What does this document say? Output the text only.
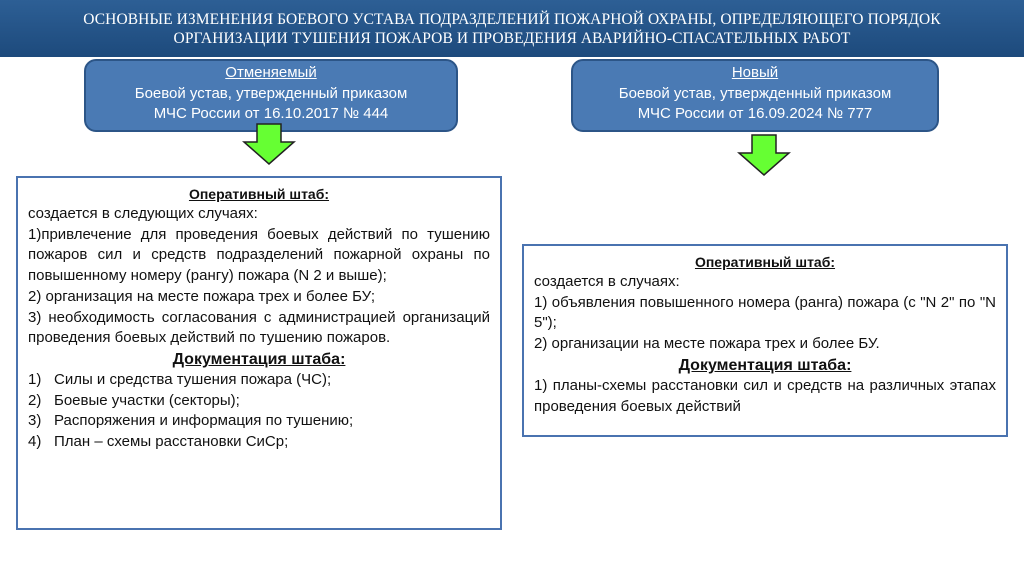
ОСНОВНЫЕ ИЗМЕНЕНИЯ БОЕВОГО УСТАВА ПОДРАЗДЕЛЕНИЙ ПОЖАРНОЙ ОХРАНЫ, ОПРЕДЕЛЯЮЩЕГО ПОРЯДОК
ОРГАНИЗАЦИИ ТУШЕНИЯ ПОЖАРОВ И ПРОВЕДЕНИЯ АВАРИЙНО-СПАСАТЕЛЬНЫХ РАБОТ
Отменяемый
Боевой устав, утвержденный приказом
МЧС России от 16.10.2017 № 444
Новый
Боевой устав, утвержденный приказом
МЧС России от 16.09.2024 № 777
Оперативный штаб:
создается в следующих случаях:
1)привлечение для проведения боевых действий по тушению пожаров сил и средств подразделений пожарной охраны по повышенному номеру (рангу) пожара (N 2 и выше);
2) организация на месте пожара трех и более БУ;
3) необходимость согласования с администрацией организаций проведения боевых действий по тушению пожаров.
Документация штаба:
1) Силы и средства тушения пожара (ЧС);
2) Боевые участки (секторы);
3) Распоряжения и информация по тушению;
4) План – схемы расстановки СиСр;
Оперативный штаб:
создается в случаях:
1) объявления повышенного номера (ранга) пожара (с "N 2" по "N 5");
2) организации на месте пожара трех и более БУ.
Документация штаба:
1) планы-схемы расстановки сил и средств на различных этапах проведения боевых действий
